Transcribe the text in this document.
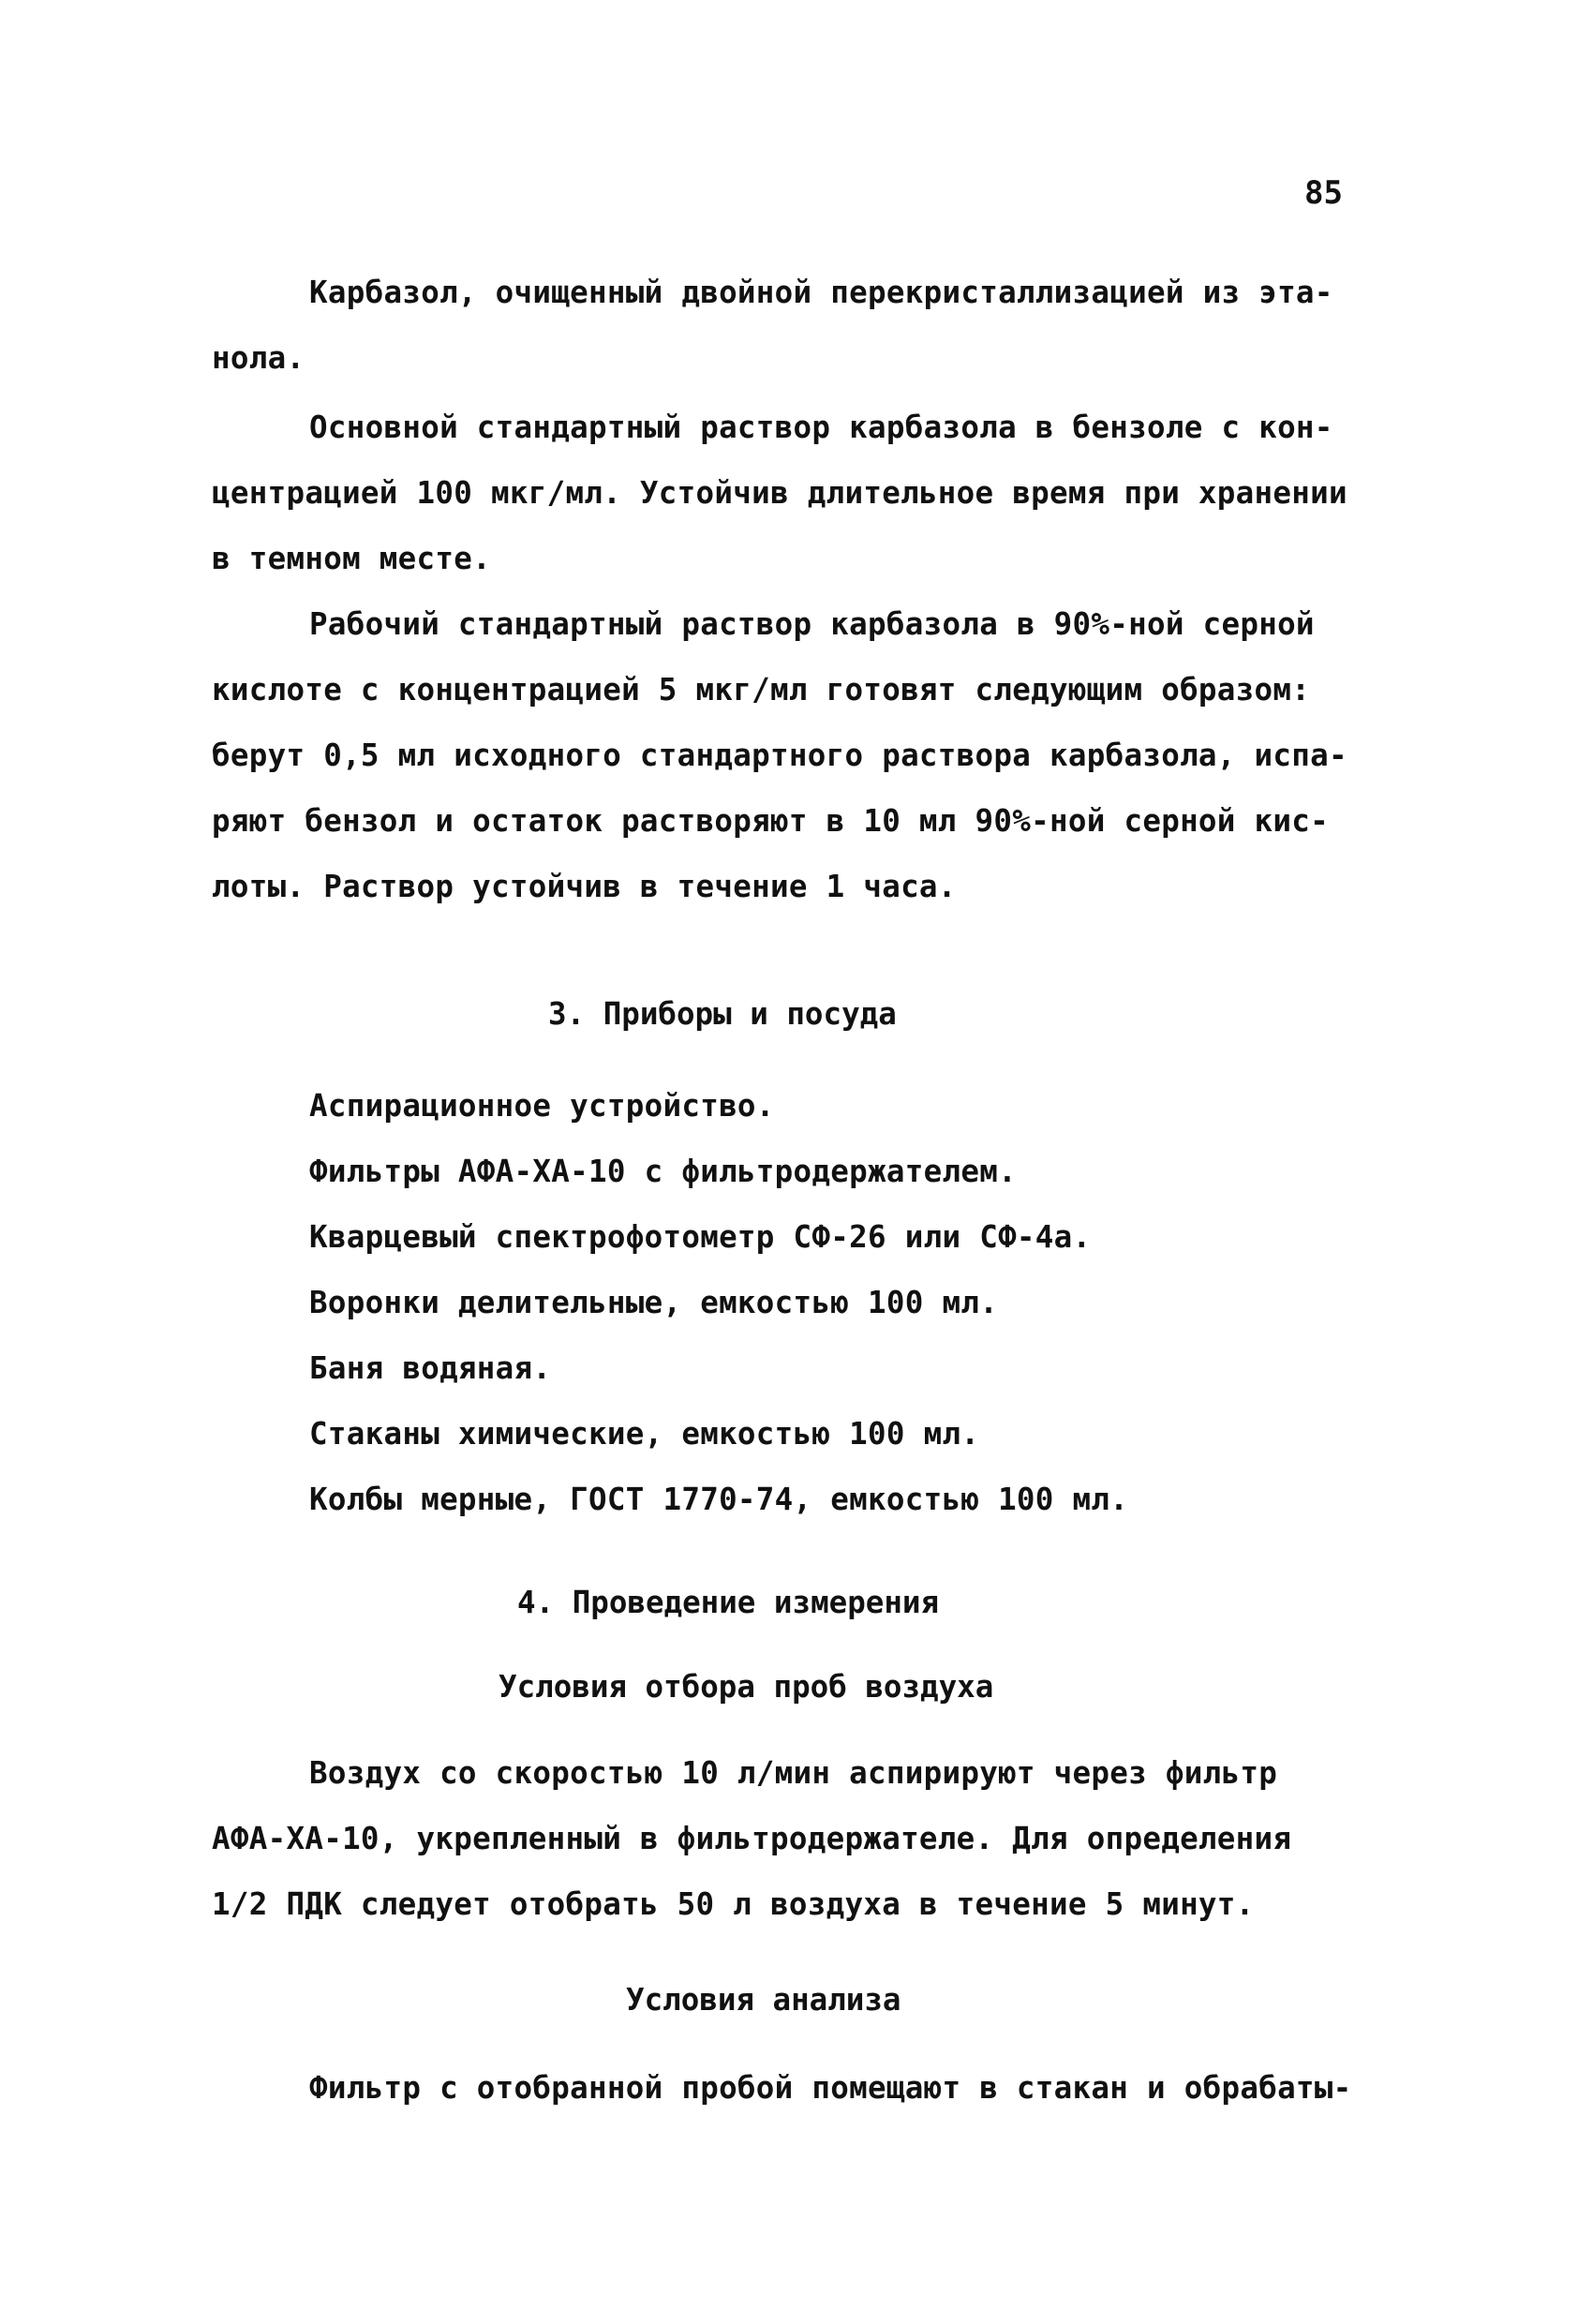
85
Карбазол, очищенный двойной перекристаллизацией из эта-
нола.
Основной стандартный раствор карбазола в бензоле с кон-
центрацией 100 мкг/мл. Устойчив длительное время при хранении
в темном месте.
Рабочий стандартный раствор карбазола в 90%-ной серной
кислоте с концентрацией 5 мкг/мл готовят следующим образом:
берут 0,5 мл исходного стандартного раствора карбазола, испа-
ряют бензол и остаток растворяют в 10 мл 90%-ной серной кис-
лоты. Раствор устойчив в течение 1 часа.
3. Приборы и посуда
Аспирационное устройство.
Фильтры АФА-ХА-10 с фильтродержателем.
Кварцевый спектрофотометр СФ-26 или СФ-4а.
Воронки делительные, емкостью 100 мл.
Баня водяная.
Стаканы химические, емкостью 100 мл.
Колбы мерные, ГОСТ 1770-74, емкостью 100 мл.
4. Проведение измерения
Условия отбора проб воздуха
Воздух со скоростью 10 л/мин аспирируют через фильтр
АФА-ХА-10, укрепленный в фильтродержателе. Для определения
1/2 ПДК следует отобрать 50 л воздуха в течение 5 минут.
Условия анализа
Фильтр с отобранной пробой помещают в стакан и обрабаты-
